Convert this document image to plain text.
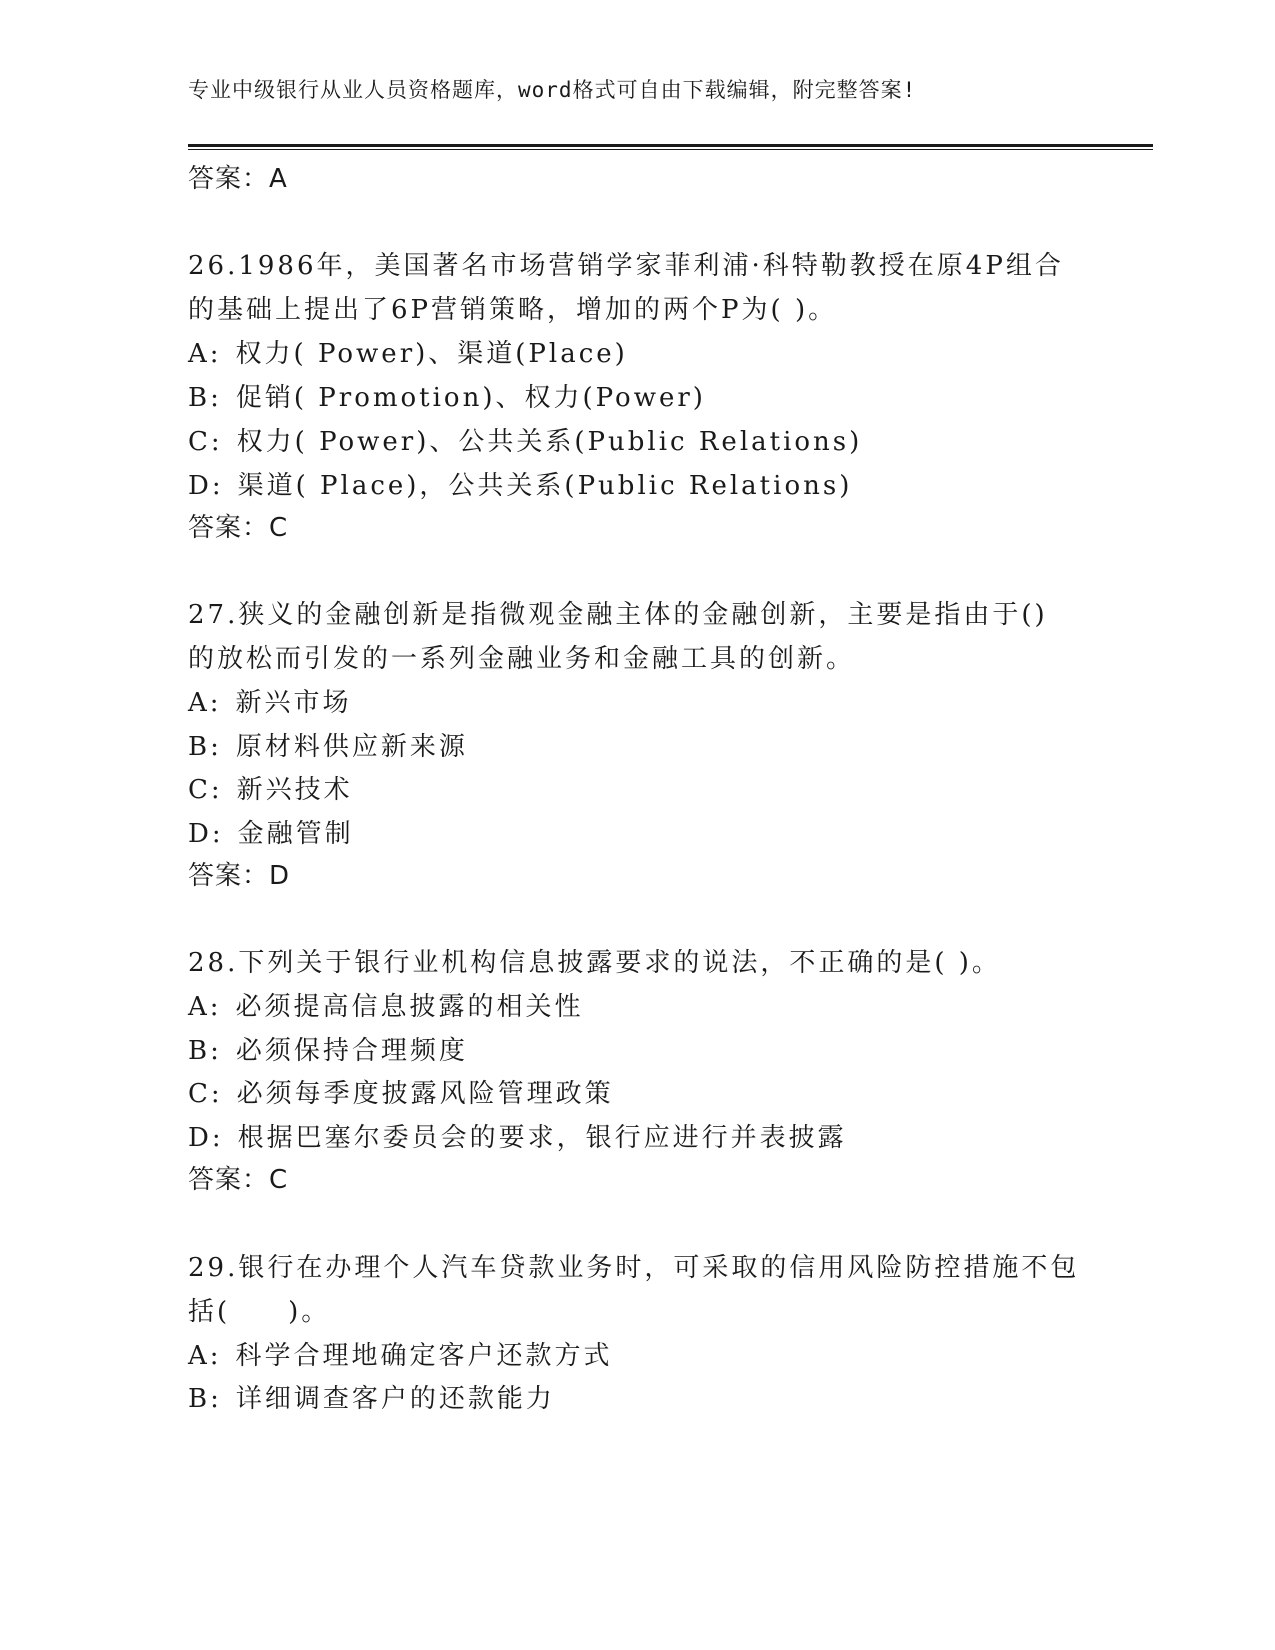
专业中级银行从业人员资格题库，word格式可自由下载编辑，附完整答案!
答案：A
26.1986年，美国著名市场营销学家菲利浦·科特勒教授在原4P组合
的基础上提出了6P营销策略，增加的两个P为( )。
A: 权力( Power)、渠道(Place)
B: 促销( Promotion)、权力(Power)
C: 权力( Power)、公共关系(Public Relations)
D: 渠道( Place)，公共关系(Public Relations)
答案：C
27.狭义的金融创新是指微观金融主体的金融创新，主要是指由于()
的放松而引发的一系列金融业务和金融工具的创新。
A: 新兴市场
B: 原材料供应新来源
C: 新兴技术
D: 金融管制
答案：D
28.下列关于银行业机构信息披露要求的说法，不正确的是( )。
A: 必须提高信息披露的相关性
B: 必须保持合理频度
C: 必须每季度披露风险管理政策
D: 根据巴塞尔委员会的要求，银行应进行并表披露
答案：C
29.银行在办理个人汽车贷款业务时，可采取的信用风险防控措施不包
括(　　)。
A: 科学合理地确定客户还款方式
B: 详细调查客户的还款能力
